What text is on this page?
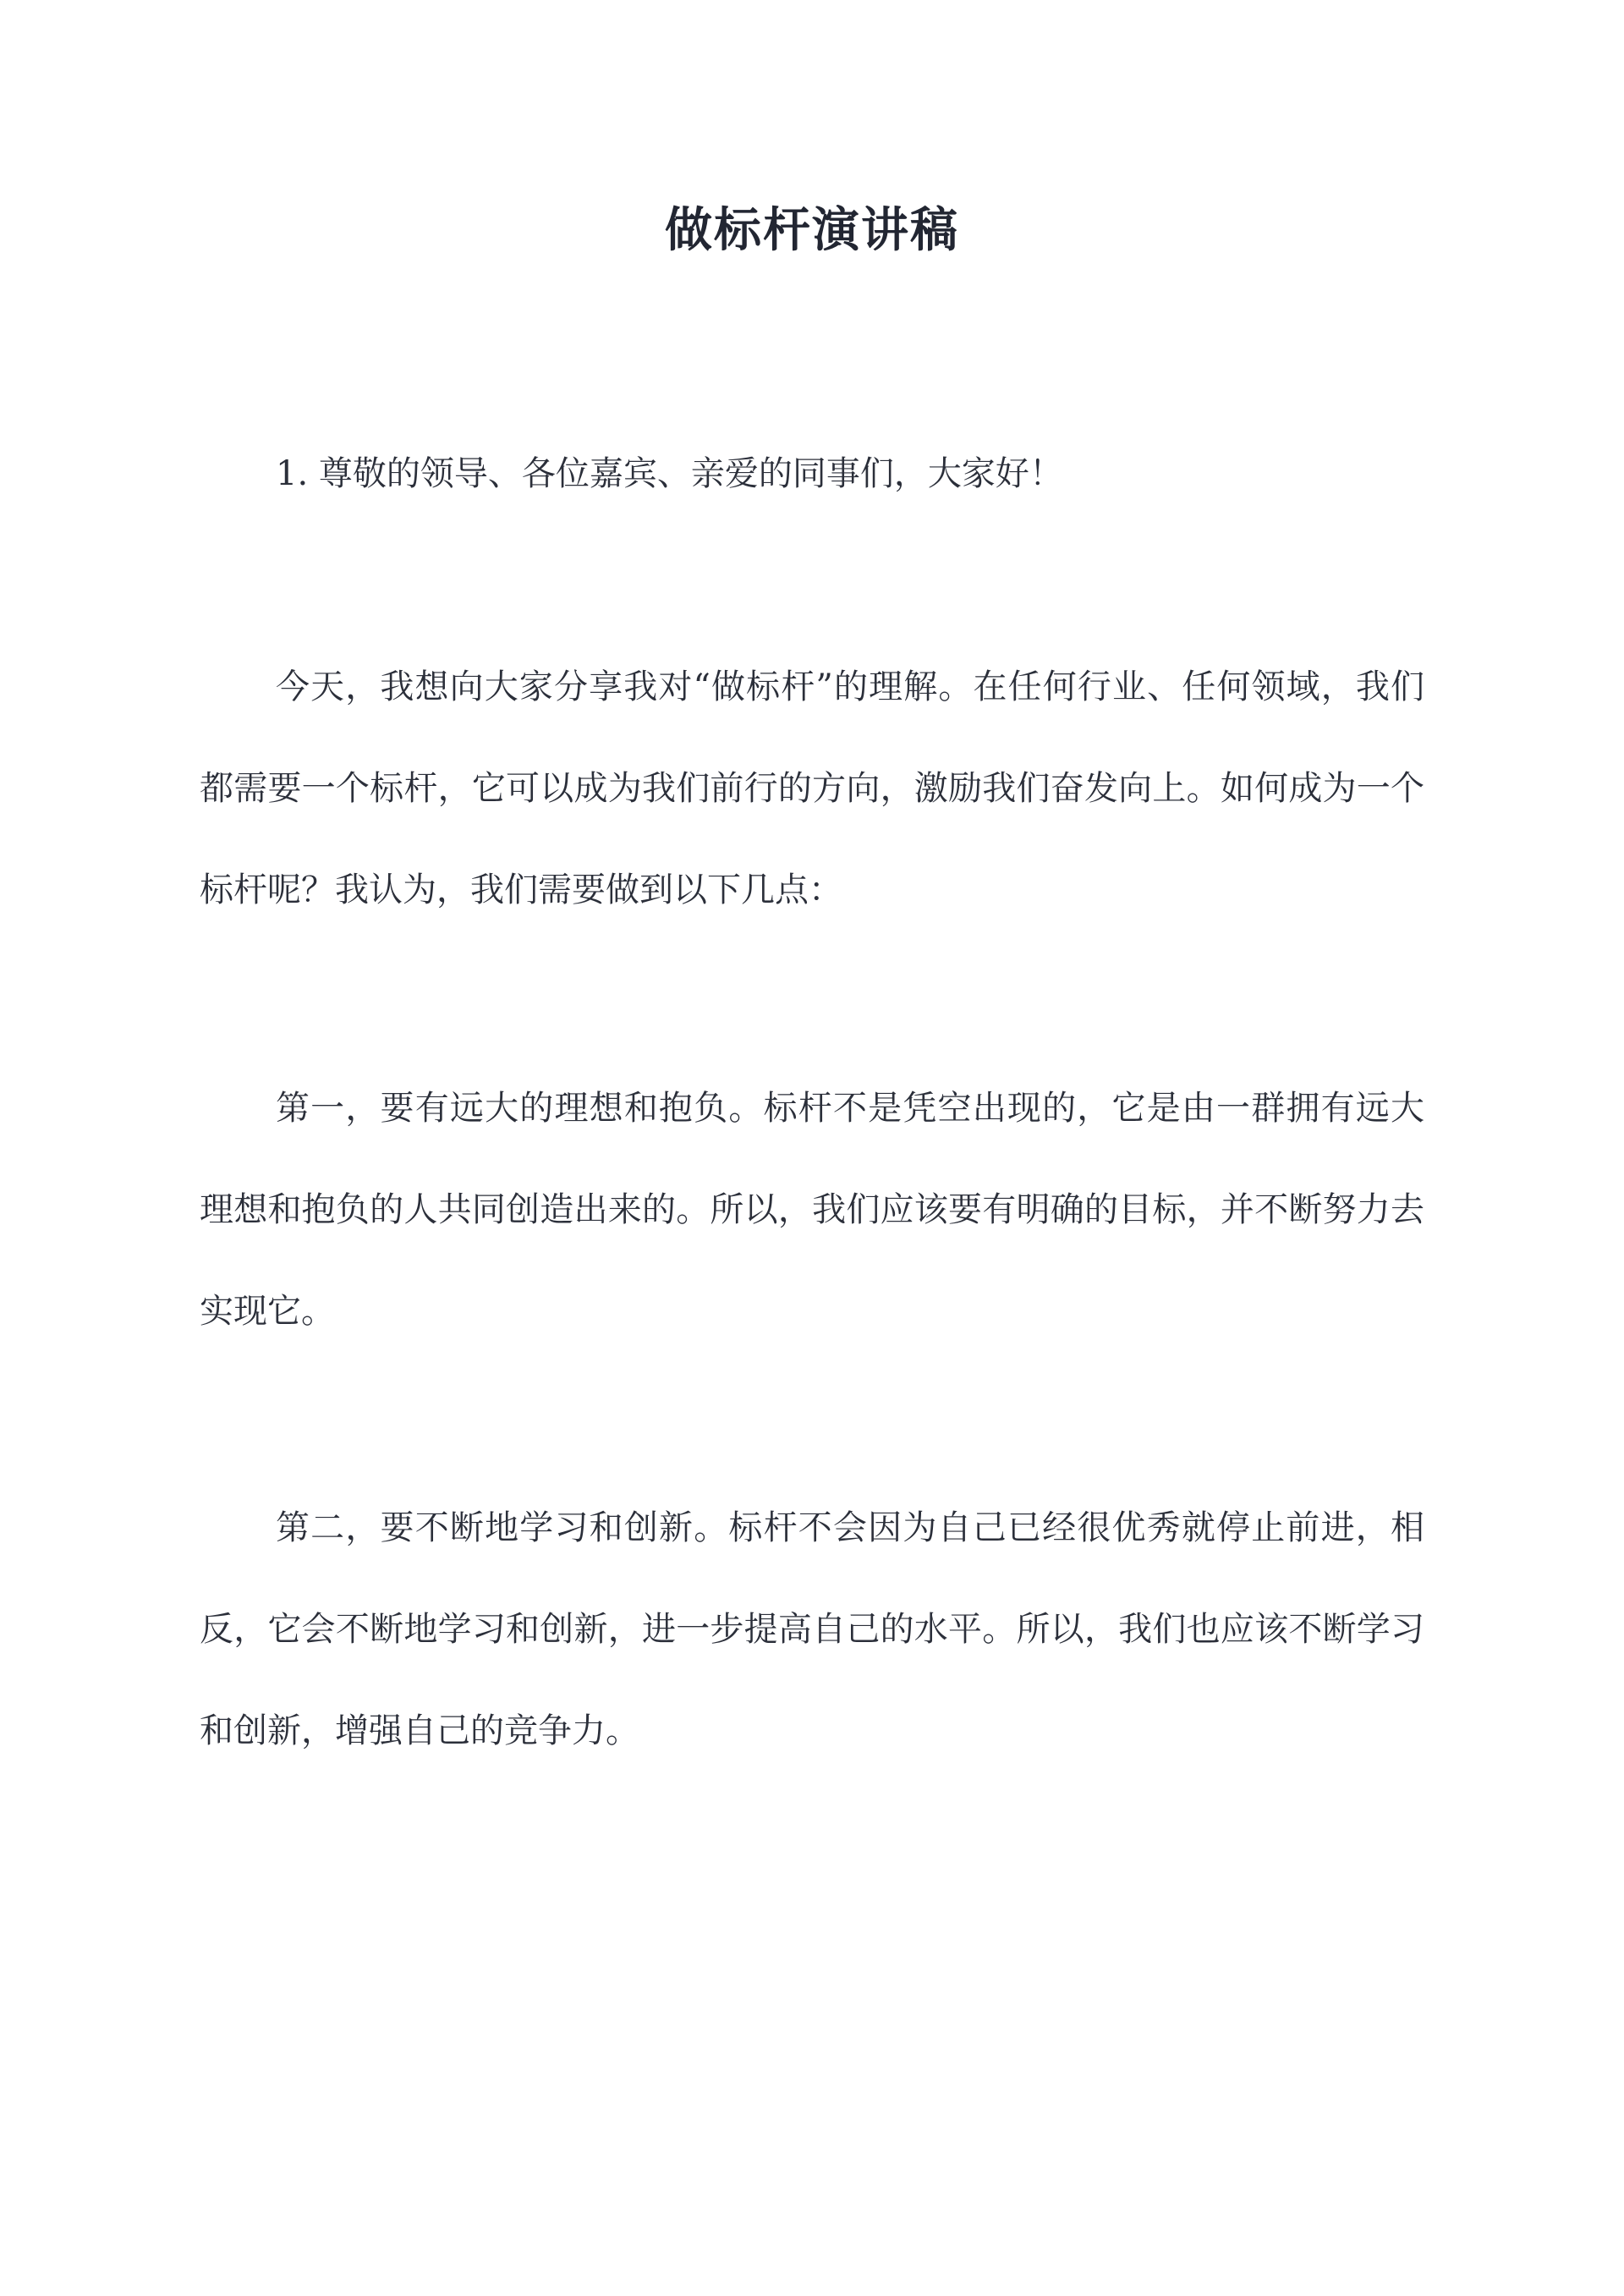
做标杆演讲稿

1. 尊敬的领导、各位嘉宾、亲爱的同事们，大家好！

今天，我想向大家分享我对“做标杆”的理解。在任何行业、任何领域，我们都需要一个标杆，它可以成为我们前行的方向，激励我们奋发向上。如何成为一个标杆呢？我认为，我们需要做到以下几点：

第一，要有远大的理想和抱负。标杆不是凭空出现的，它是由一群拥有远大理想和抱负的人共同创造出来的。所以，我们应该要有明确的目标，并不断努力去实现它。

第二，要不断地学习和创新。标杆不会因为自己已经很优秀就停止前进，相反，它会不断地学习和创新，进一步提高自己的水平。所以，我们也应该不断学习和创新，增强自己的竞争力。
